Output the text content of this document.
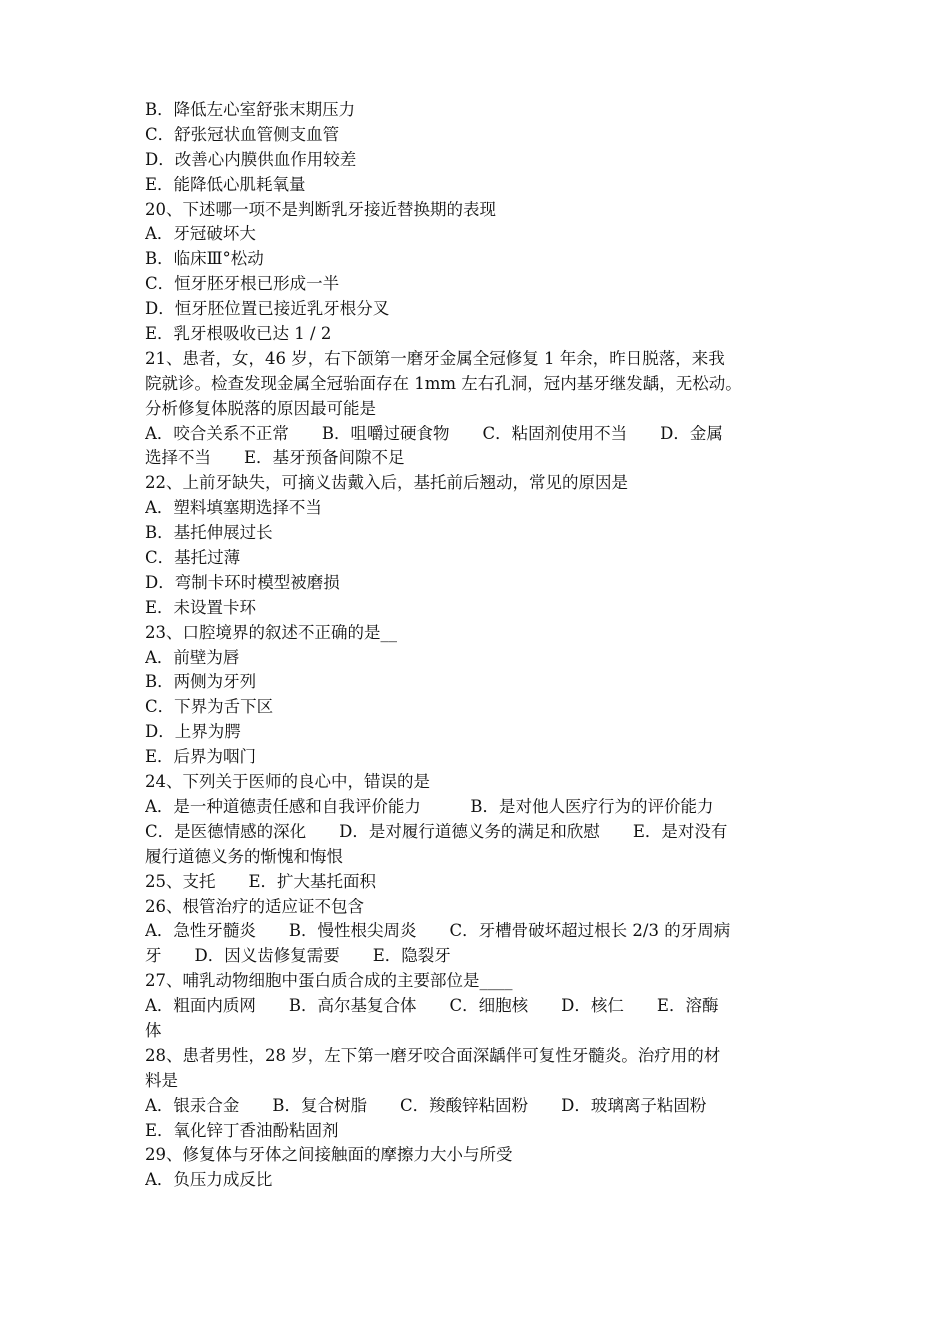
B．降低左心室舒张末期压力
C．舒张冠状血管侧支血管
D．改善心内膜供血作用较差
E．能降低心肌耗氧量
20、下述哪一项不是判断乳牙接近替换期的表现
A．牙冠破坏大
B．临床Ⅲ°松动
C．恒牙胚牙根已形成一半
D．恒牙胚位置已接近乳牙根分叉
E．乳牙根吸收已达 1 / 2
21、患者，女，46 岁，右下颌第一磨牙金属全冠修复 1 年余，昨日脱落，来我
院就诊。检查发现金属全冠骀面存在 1mm 左右孔洞，冠内基牙继发龋，无松动。
分析修复体脱落的原因最可能是
A．咬合关系不正常　　B．咀嚼过硬食物　　C．粘固剂使用不当　　D．金属
选择不当　　E．基牙预备间隙不足
22、上前牙缺失，可摘义齿戴入后，基托前后翘动，常见的原因是
A．塑料填塞期选择不当
B．基托伸展过长
C．基托过薄
D．弯制卡环时模型被磨损
E．未设置卡环
23、口腔境界的叙述不正确的是__
A．前壁为唇
B．两侧为牙列
C．下界为舌下区
D．上界为腭
E．后界为咽门
24、下列关于医师的良心中，错误的是
A．是一种道德责任感和自我评价能力　　　B．是对他人医疗行为的评价能力
C．是医德情感的深化　　D．是对履行道德义务的满足和欣慰　　E．是对没有
履行道德义务的惭愧和悔恨
25、支托　　E．扩大基托面积
26、根管治疗的适应证不包含
A．急性牙髓炎　　B．慢性根尖周炎　　C．牙槽骨破坏超过根长 2/3 的牙周病
牙　　D．因义齿修复需要　　E．隐裂牙
27、哺乳动物细胞中蛋白质合成的主要部位是____
A．粗面内质网　　B．高尔基复合体　　C．细胞核　　D．核仁　　E．溶酶
体
28、患者男性，28 岁，左下第一磨牙咬合面深龋伴可复性牙髓炎。治疗用的材
料是
A．银汞合金　　B．复合树脂　　C．羧酸锌粘固粉　　D．玻璃离子粘固粉
E．氧化锌丁香油酚粘固剂
29、修复体与牙体之间接触面的摩擦力大小与所受
A．负压力成反比
